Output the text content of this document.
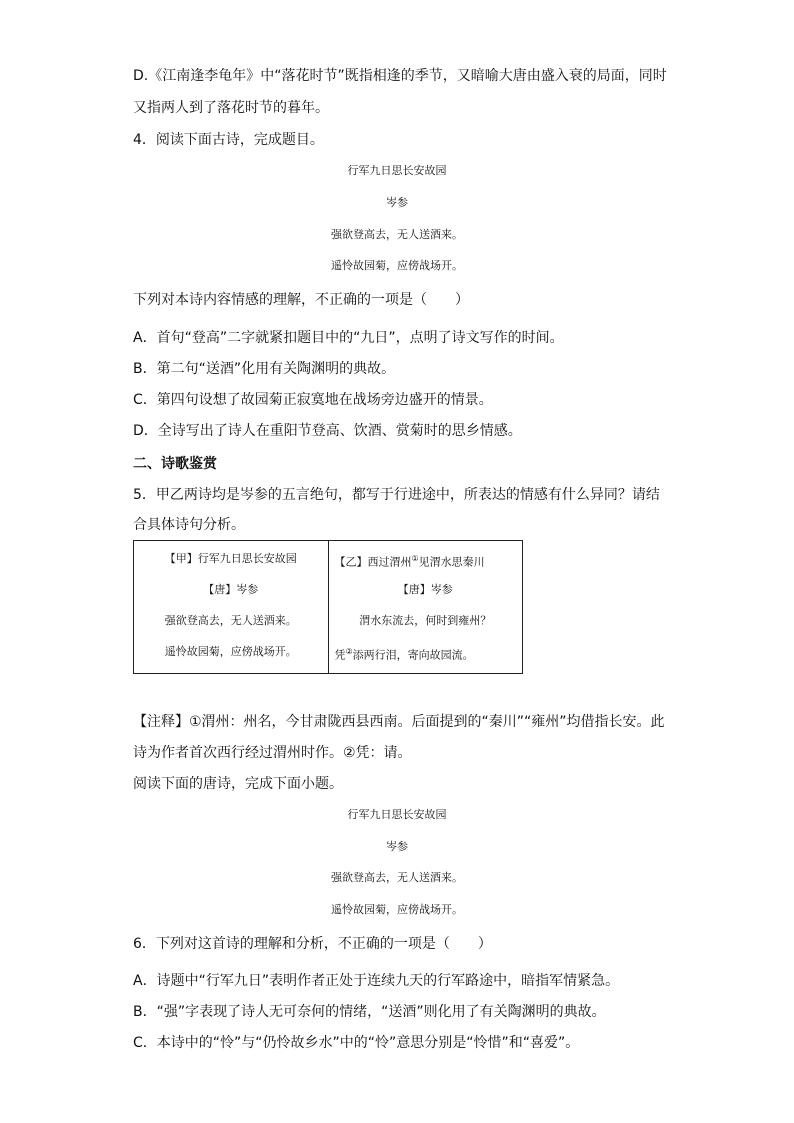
D.《江南逢李龟年》中“落花时节”既指相逢的季节，又暗喻大唐由盛入衰的局面，同时
又指两人到了落花时节的暮年。
4．阅读下面古诗，完成题目。
行军九日思长安故园
岑参
强欲登高去，无人送酒来。
遥怜故园菊，应傍战场开。
下列对本诗内容情感的理解，不正确的一项是（　　）
A．首句“登高”二字就紧扣题目中的“九日”，点明了诗文写作的时间。
B．第二句“送酒”化用有关陶渊明的典故。
C．第四句设想了故园菊正寂寞地在战场旁边盛开的情景。
D．全诗写出了诗人在重阳节登高、饮酒、赏菊时的思乡情感。
二、诗歌鉴赏
5．甲乙两诗均是岑参的五言绝句，都写于行进途中，所表达的情感有什么异同？请结
合具体诗句分析。
【甲】行军九日思长安故园
【唐】岑参
强欲登高去，无人送酒来。
遥怜故园菊，应傍战场开。

【乙】西过渭州①见渭水思秦川
【唐】岑参
渭水东流去，何时到雍州？
凭②添两行泪，寄向故园流。
【注释】①渭州：州名，今甘肃陇西县西南。后面提到的“秦川”“雍州”均借指长安。此
诗为作者首次西行经过渭州时作。②凭：请。
阅读下面的唐诗，完成下面小题。
行军九日思长安故园
岑参
强欲登高去，无人送酒来。
遥怜故园菊，应傍战场开。
6．下列对这首诗的理解和分析，不正确的一项是（　　）
A．诗题中“行军九日”表明作者正处于连续九天的行军路途中，暗指军情紧急。
B．“强”字表现了诗人无可奈何的情绪，“送酒”则化用了有关陶渊明的典故。
C．本诗中的“怜”与“仍怜故乡水”中的“怜”意思分别是“怜惜”和“喜爱”。
